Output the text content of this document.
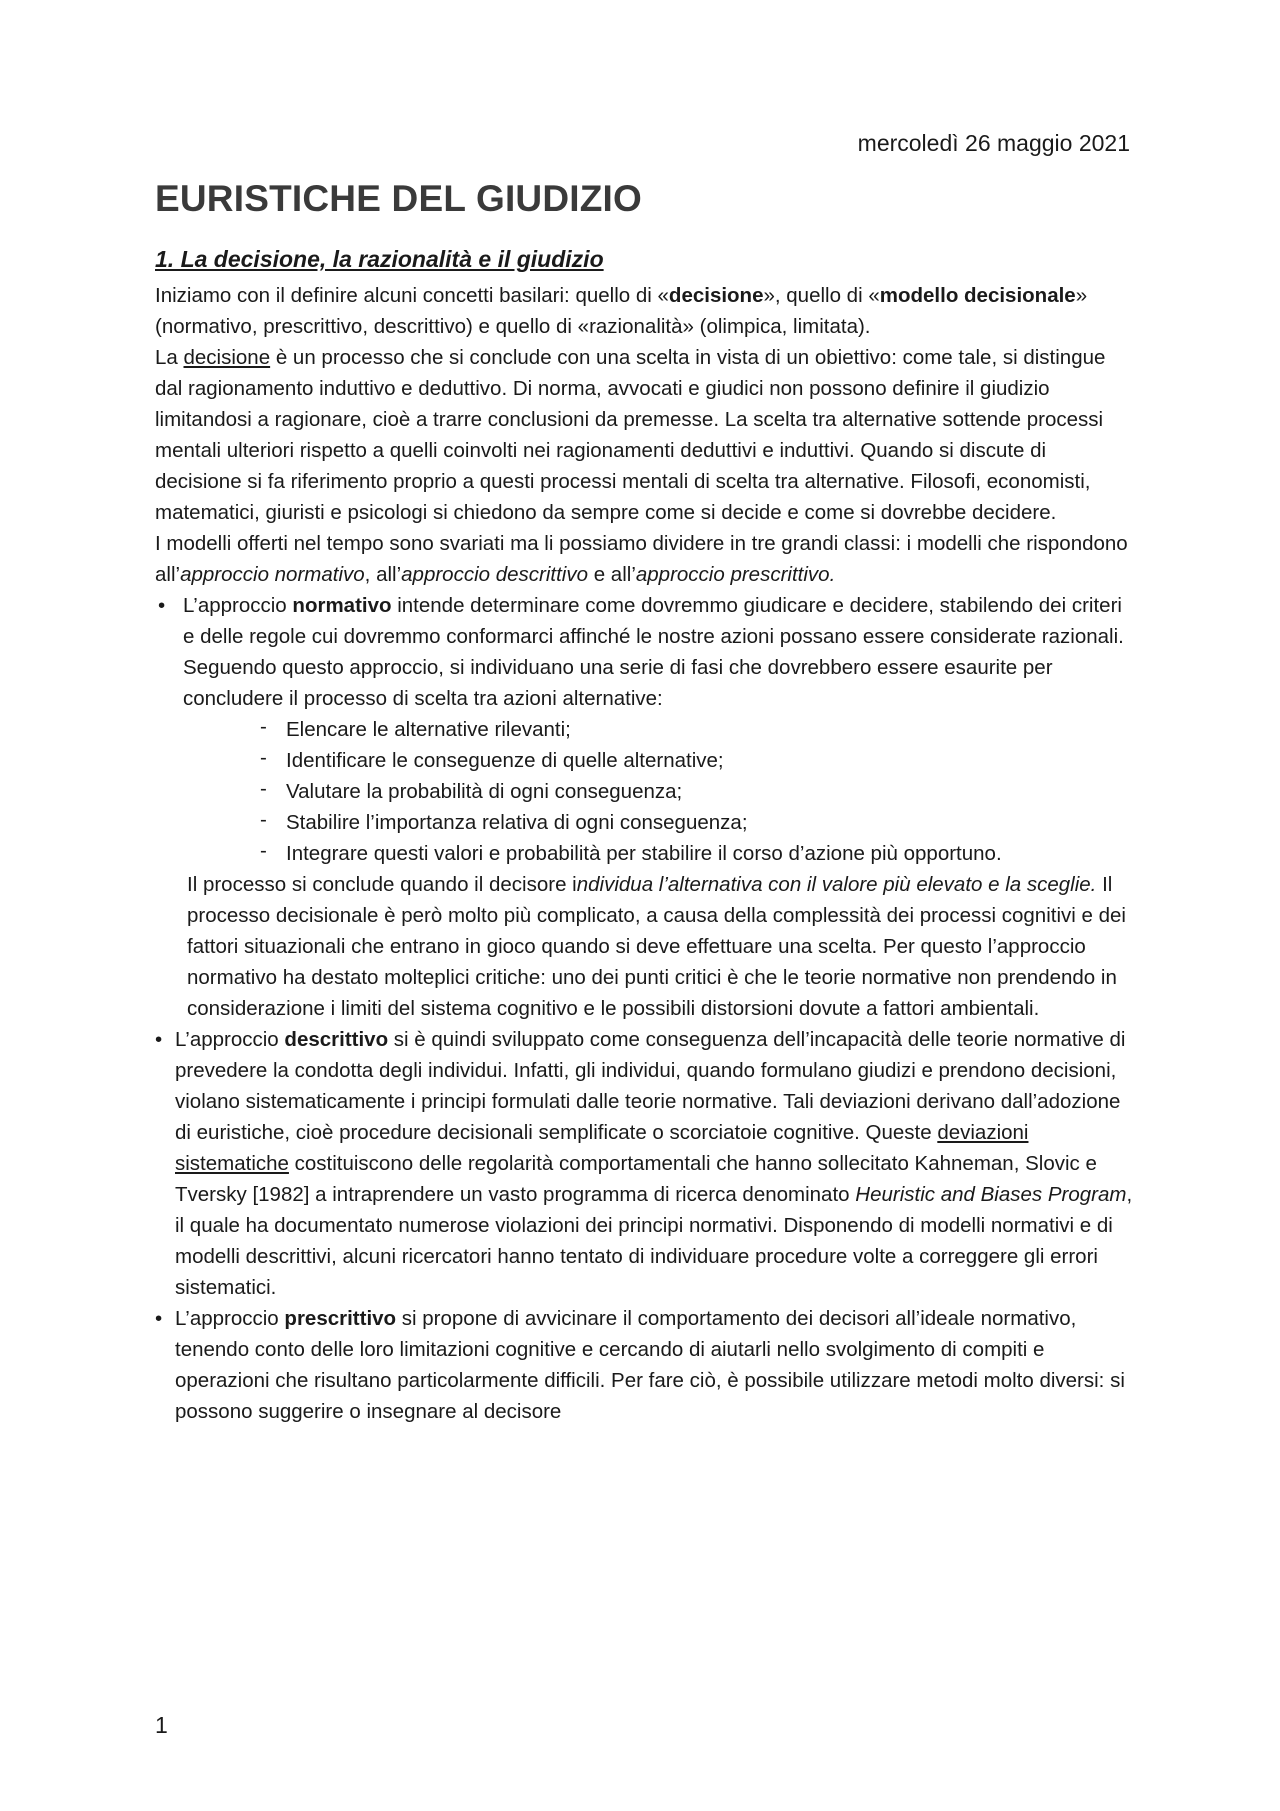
mercoledì 26 maggio 2021
EURISTICHE DEL GIUDIZIO
1. La decisione, la razionalità e il giudizio

Iniziamo con il definire alcuni concetti basilari: quello di «decisione», quello di «modello decisionale» (normativo, prescrittivo, descrittivo) e quello di «razionalità» (olimpica, limitata).

La decisione è un processo che si conclude con una scelta in vista di un obiettivo: come tale, si distingue dal ragionamento induttivo e deduttivo. Di norma, avvocati e giudici non possono definire il giudizio limitandosi a ragionare, cioè a trarre conclusioni da premesse. La scelta tra alternative sottende processi mentali ulteriori rispetto a quelli coinvolti nei ragionamenti deduttivi e induttivi. Quando si discute di decisione si fa riferimento proprio a questi processi mentali di scelta tra alternative. Filosofi, economisti, matematici, giuristi e psicologi si chiedono da sempre come si decide e come si dovrebbe decidere.

I modelli offerti nel tempo sono svariati ma li possiamo dividere in tre grandi classi: i modelli che rispondono all’approccio normativo, all’approccio descrittivo e all’approccio prescrittivo.

• L’approccio normativo intende determinare come dovremmo giudicare e decidere, stabilendo dei criteri e delle regole cui dovremmo conformarci affinché le nostre azioni possano essere considerate razionali. Seguendo questo approccio, si individuano una serie di fasi che dovrebbero essere esaurite per concludere il processo di scelta tra azioni alternative:

- Elencare le alternative rilevanti;
- Identificare le conseguenze di quelle alternative;
- Valutare la probabilità di ogni conseguenza;
- Stabilire l’importanza relativa di ogni conseguenza;
- Integrare questi valori e probabilità per stabilire il corso d’azione più opportuno.

Il processo si conclude quando il decisore individua l’alternativa con il valore più elevato e la sceglie. Il processo decisionale è però molto più complicato, a causa della complessità dei processi cognitivi e dei fattori situazionali che entrano in gioco quando si deve effettuare una scelta. Per questo l’approccio normativo ha destato molteplici critiche: uno dei punti critici è che le teorie normative non prendendo in considerazione i limiti del sistema cognitivo e le possibili distorsioni dovute a fattori ambientali.

• L’approccio descrittivo si è quindi sviluppato come conseguenza dell’incapacità delle teorie normative di prevedere la condotta degli individui. Infatti, gli individui, quando formulano giudizi e prendono decisioni, violano sistematicamente i principi formulati dalle teorie normative. Tali deviazioni derivano dall’adozione di euristiche, cioè procedure decisionali semplificate o scorciatoie cognitive. Queste deviazioni sistematiche costituiscono delle regolarità comportamentali che hanno sollecitato Kahneman, Slovic e Tversky [1982] a intraprendere un vasto programma di ricerca denominato Heuristic and Biases Program, il quale ha documentato numerose violazioni dei principi normativi. Disponendo di modelli normativi e di modelli descrittivi, alcuni ricercatori hanno tentato di individuare procedure volte a correggere gli errori sistematici.

• L’approccio prescrittivo si propone di avvicinare il comportamento dei decisori all’ideale normativo, tenendo conto delle loro limitazioni cognitive e cercando di aiutarli nello svolgimento di compiti e operazioni che risultano particolarmente difficili. Per fare ciò, è possibile utilizzare metodi molto diversi: si possono suggerire o insegnare al decisore

1
